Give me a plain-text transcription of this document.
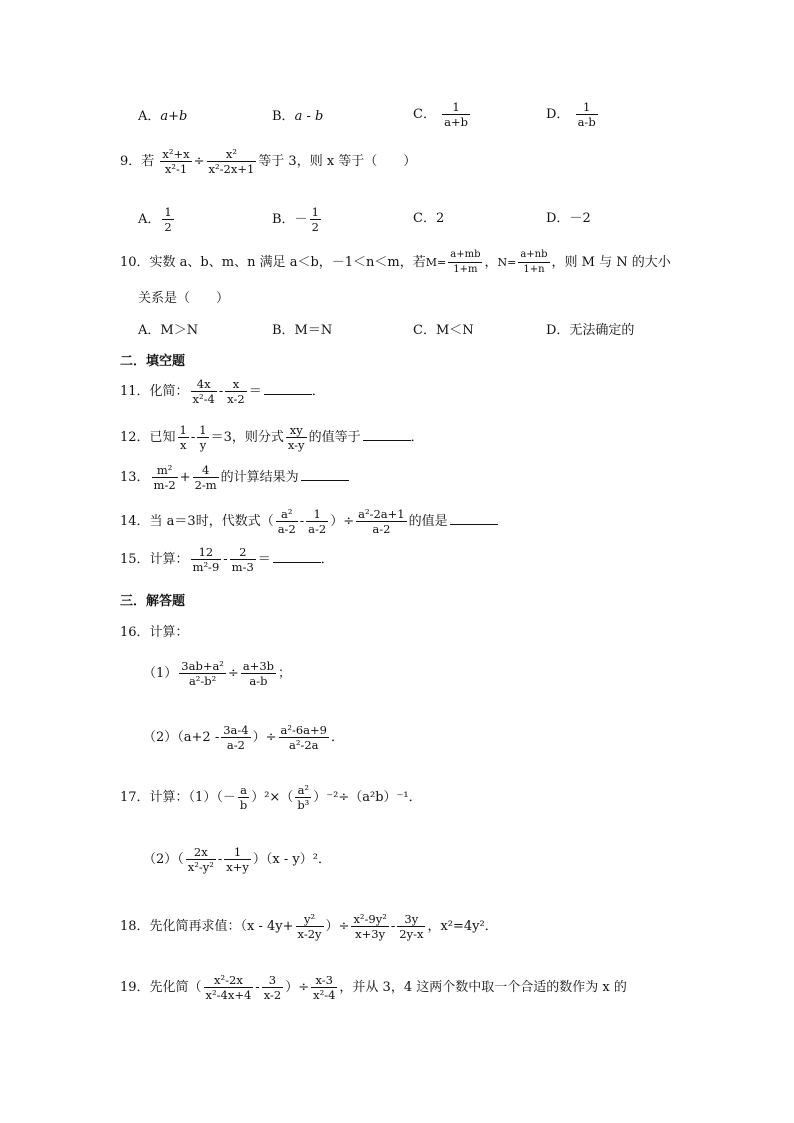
A．a+b	B．a - b	C． $\frac{1}{a+b}$	D． $\frac{1}{a-b}$
9．若 $\frac{\text{x²+x}}{\text{x²-1}} \div \frac{\text{x²}}{\text{x²-2x+1}}$ 等于 3，则 x 等于（　　）
A． $\frac{1}{2}$	B．－ $\frac{1}{2}$	C．2	D．－2
10．实数 a、b、m、n 满足 a＜b，－1＜n＜m，若$M= \frac{a+mb}{1+m}$ ，$N= \frac{a+nb}{1+n}$ ，则 M 与 N 的大小
关系是（　　）
A．M＞N	B．M＝N	C．M＜N	D．无法确定的
二．填空题
11．化简： $\frac{4x}{\text{x²-4}} - \frac{x}{x-2}$ ＝	．
12．已知 $\frac{1}{x} - \frac{1}{y} =3$，则分式 $\frac{xy}{x-y}$ 的值等于	．
13． $\frac{\text{m²}}{m-2} + \frac{4}{2-m}$ 的计算结果为
14．当 a＝3时，代数式（ $\frac{\text{a²}}{a-2} - \frac{1}{a-2}$ ）÷ $\frac{\text{a²-2a+1}}{a-2}$ 的值是
15．计算： $\frac{12}{\text{m²-9}} - \frac{2}{m-3}$ ＝	．
三．解答题
16．计算：
$(1) \frac{\text{3ab+a²}}{\text{a²-b²}} \div \frac{a+3b}{a-b}$ ；
$(2)(a+2 - \frac{3a-4}{a-2}$ ）÷ $\frac{\text{a²-6a+9}}{\text{a²-2a}}$ ．
17．计算：$(1)(- \frac{a}{b} )^2\times( \frac{\text{a²}}{\text{b³}} )^{-2}\div(a^2b)^{-1}$．
$(2)( \frac{2x}{\text{x²-y²}} - \frac{1}{x+y} )(x - y)^2$．
18．先化简再求值：（$x - 4y+ \frac{\text{y²}}{x-2y}$ ）÷ $\frac{\text{x²-9y²}}{x+3y} - \frac{3y}{2y-x}$ ，x²=4y²．
19．先化简（ $\frac{\text{x²-2x}}{\text{x²-4x+4}} - \frac{3}{x-2}$ ）÷ $\frac{x-3}{\text{x²-4}}$ ，并从 3，4 这两个数中取一个合适的数作为 x 的
